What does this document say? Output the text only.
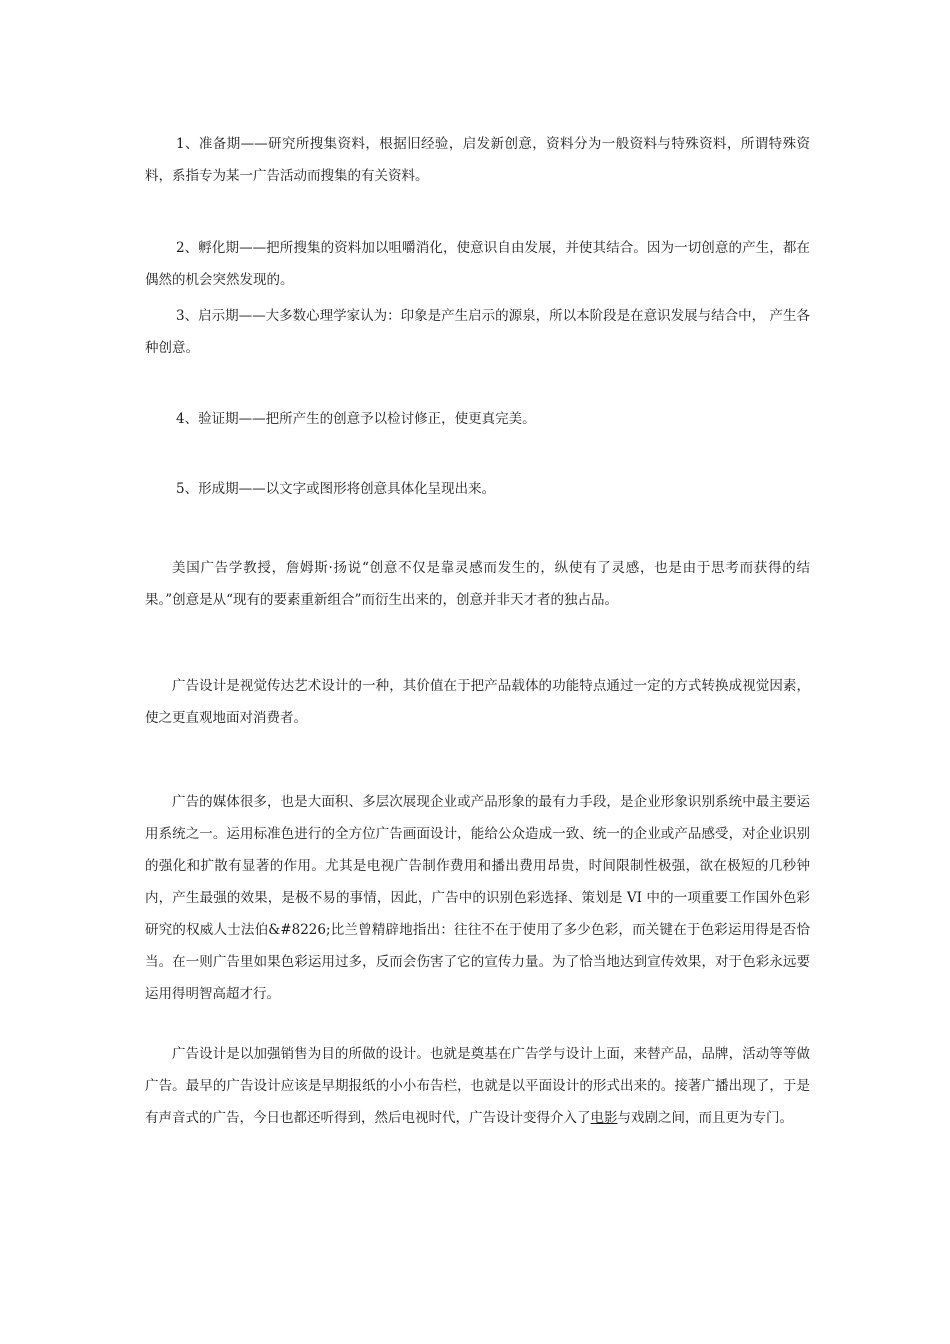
1、准备期——研究所搜集资料，根据旧经验，启发新创意，资料分为一般资料与特殊资料，所谓特殊资料，系指专为某一广告活动而搜集的有关资料。

2、孵化期——把所搜集的资料加以咀嚼消化，使意识自由发展，并使其结合。因为一切创意的产生，都在偶然的机会突然发现的。

3、启示期——大多数心理学家认为：印象是产生启示的源泉，所以本阶段是在意识发展与结合中， 产生各种创意。

4、验证期——把所产生的创意予以检讨修正，使更真完美。

5、形成期——以文字或图形将创意具体化呈现出来。

美国广告学教授，詹姆斯·扬说“创意不仅是靠灵感而发生的，纵使有了灵感，也是由于思考而获得的结果。”创意是从“现有的要素重新组合”而衍生出来的，创意并非天才者的独占品。

广告设计是视觉传达艺术设计的一种，其价值在于把产品载体的功能特点通过一定的方式转换成视觉因素，使之更直观地面对消费者。

广告的媒体很多，也是大面积、多层次展现企业或产品形象的最有力手段，是企业形象识别系统中最主要运用系统之一。运用标准色进行的全方位广告画面设计，能给公众造成一致、统一的企业或产品感受，对企业识别的强化和扩散有显著的作用。尤其是电视广告制作费用和播出费用昂贵，时间限制性极强，欲在极短的几秒钟内，产生最强的效果，是极不易的事情，因此，广告中的识别色彩选择、策划是 VI 中的一项重要工作国外色彩研究的权威人士法伯&#8226;比兰曾精辟地指出：往往不在于使用了多少色彩，而关键在于色彩运用得是否恰当。在一则广告里如果色彩运用过多，反而会伤害了它的宣传力量。为了恰当地达到宣传效果，对于色彩永远要运用得明智高超才行。

广告设计是以加强销售为目的所做的设计。也就是奠基在广告学与设计上面，来替产品，品牌，活动等等做广告。最早的广告设计应该是早期报纸的小小布告栏，也就是以平面设计的形式出来的。接著广播出现了，于是有声音式的广告，今日也都还听得到，然后电视时代，广告设计变得介入了电影与戏剧之间，而且更为专门。
